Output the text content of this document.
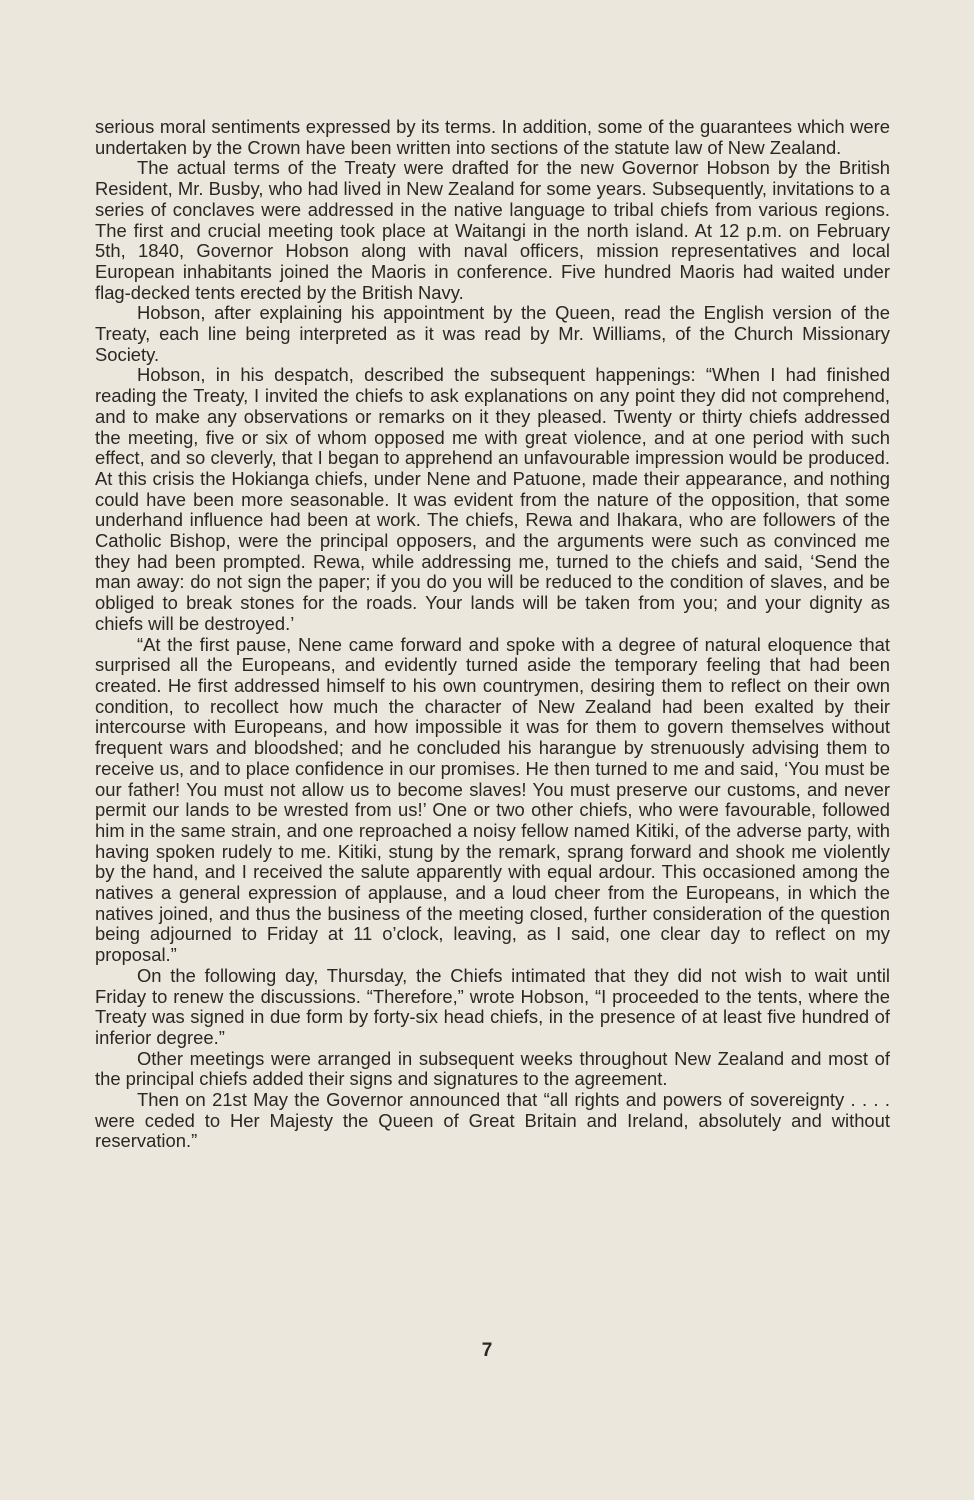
serious moral sentiments expressed by its terms. In addition, some of the guarantees which were undertaken by the Crown have been written into sections of the statute law of New Zealand.

The actual terms of the Treaty were drafted for the new Governor Hobson by the British Resident, Mr. Busby, who had lived in New Zealand for some years. Subsequently, invitations to a series of conclaves were addressed in the native language to tribal chiefs from various regions. The first and crucial meeting took place at Waitangi in the north island. At 12 p.m. on February 5th, 1840, Governor Hobson along with naval officers, mission representatives and local European inhabitants joined the Maoris in conference. Five hundred Maoris had waited under flag-decked tents erected by the British Navy.

Hobson, after explaining his appointment by the Queen, read the English version of the Treaty, each line being interpreted as it was read by Mr. Williams, of the Church Missionary Society.

Hobson, in his despatch, described the subsequent happenings: “When I had finished reading the Treaty, I invited the chiefs to ask explanations on any point they did not comprehend, and to make any observations or remarks on it they pleased. Twenty or thirty chiefs addressed the meeting, five or six of whom opposed me with great violence, and at one period with such effect, and so cleverly, that I began to apprehend an unfavourable impression would be produced. At this crisis the Hokianga chiefs, under Nene and Patuone, made their appearance, and nothing could have been more seasonable. It was evident from the nature of the opposition, that some underhand influence had been at work. The chiefs, Rewa and Ihakara, who are followers of the Catholic Bishop, were the principal opposers, and the arguments were such as convinced me they had been prompted. Rewa, while addressing me, turned to the chiefs and said, ‘Send the man away: do not sign the paper; if you do you will be reduced to the condition of slaves, and be obliged to break stones for the roads. Your lands will be taken from you; and your dignity as chiefs will be destroyed.’

“At the first pause, Nene came forward and spoke with a degree of natural eloquence that surprised all the Europeans, and evidently turned aside the temporary feeling that had been created. He first addressed himself to his own countrymen, desiring them to reflect on their own condition, to recollect how much the character of New Zealand had been exalted by their intercourse with Europeans, and how impossible it was for them to govern themselves without frequent wars and bloodshed; and he concluded his harangue by strenuously advising them to receive us, and to place confidence in our promises. He then turned to me and said, ‘You must be our father! You must not allow us to become slaves! You must preserve our customs, and never permit our lands to be wrested from us!’ One or two other chiefs, who were favourable, followed him in the same strain, and one reproached a noisy fellow named Kitiki, of the adverse party, with having spoken rudely to me. Kitiki, stung by the remark, sprang forward and shook me violently by the hand, and I received the salute apparently with equal ardour. This occasioned among the natives a general expression of applause, and a loud cheer from the Europeans, in which the natives joined, and thus the business of the meeting closed, further consideration of the question being adjourned to Friday at 11 o’clock, leaving, as I said, one clear day to reflect on my proposal.”

On the following day, Thursday, the Chiefs intimated that they did not wish to wait until Friday to renew the discussions. “Therefore,” wrote Hobson, “I proceeded to the tents, where the Treaty was signed in due form by forty-six head chiefs, in the presence of at least five hundred of inferior degree.”

Other meetings were arranged in subsequent weeks throughout New Zealand and most of the principal chiefs added their signs and signatures to the agreement.

Then on 21st May the Governor announced that “all rights and powers of sovereignty . . . . were ceded to Her Majesty the Queen of Great Britain and Ireland, absolutely and without reservation.”

7
